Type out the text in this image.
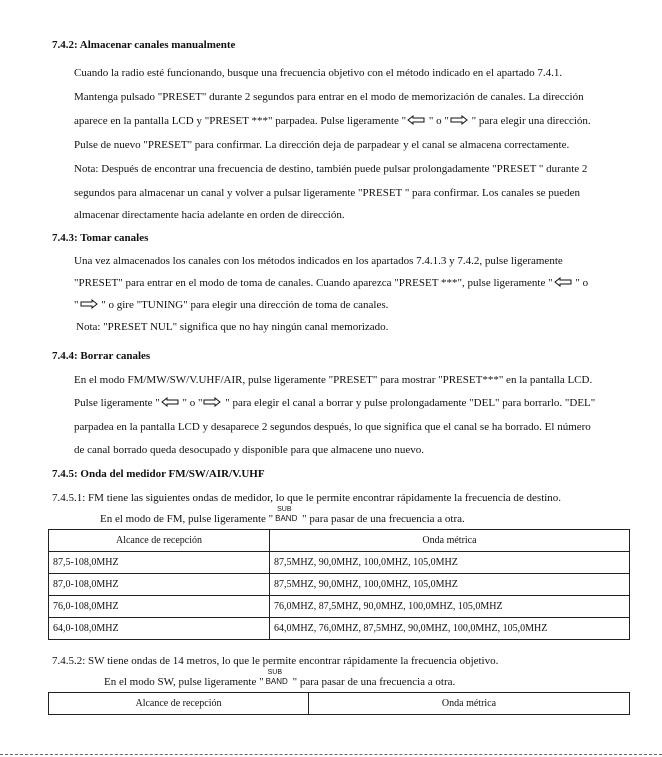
7.4.2: Almacenar canales manualmente
Cuando la radio esté funcionando, busque una frecuencia objetivo con el método indicado en el apartado 7.4.1.
Mantenga pulsado "PRESET" durante 2 segundos para entrar en el modo de memorización de canales. La dirección
aparece en la pantalla LCD y "PRESET ***" parpadea. Pulse ligeramente " " o " " para elegir una dirección.
Pulse de nuevo "PRESET" para confirmar. La dirección deja de parpadear y el canal se almacena correctamente.
Nota: Después de encontrar una frecuencia de destino, también puede pulsar prolongadamente "PRESET " durante 2
segundos para almacenar un canal y volver a pulsar ligeramente "PRESET " para confirmar. Los canales se pueden
almacenar directamente hacia adelante en orden de dirección.
7.4.3: Tomar canales
Una vez almacenados los canales con los métodos indicados en los apartados 7.4.1.3 y 7.4.2, pulse ligeramente
"PRESET" para entrar en el modo de toma de canales. Cuando aparezca "PRESET ***", pulse ligeramente " " o
" " o gire "TUNING" para elegir una dirección de toma de canales.
Nota: "PRESET NUL" significa que no hay ningún canal memorizado.
7.4.4: Borrar canales
En el modo FM/MW/SW/V.UHF/AIR, pulse ligeramente "PRESET" para mostrar "PRESET***" en la pantalla LCD.
Pulse ligeramente " " o " " para elegir el canal a borrar y pulse prolongadamente "DEL" para borrarlo. "DEL"
parpadea en la pantalla LCD y desaparece 2 segundos después, lo que significa que el canal se ha borrado. El número
de canal borrado queda desocupado y disponible para que almacene uno nuevo.
7.4.5: Onda del medidor FM/SW/AIR/V.UHF
7.4.5.1: FM tiene las siguientes ondas de medidor, lo que le permite encontrar rápidamente la frecuencia de destino.
En el modo de FM, pulse ligeramente "
SUB
BAND " para pasar de una frecuencia a otra.
Alcance de recepción	Onda métrica
87,5-108,0MHZ	87,5MHZ, 90,0MHZ, 100,0MHZ, 105,0MHZ
87,0-108,0MHZ	87,5MHZ, 90,0MHZ, 100,0MHZ, 105,0MHZ
76,0-108,0MHZ	76,0MHZ, 87,5MHZ, 90,0MHZ, 100,0MHZ, 105,0MHZ
64,0-108,0MHZ	64,0MHZ, 76,0MHZ, 87,5MHZ, 90,0MHZ, 100,0MHZ, 105,0MHZ
7.4.5.2: SW tiene ondas de 14 metros, lo que le permite encontrar rápidamente la frecuencia objetivo.
En el modo SW, pulse ligeramente "
SUB
BAND " para pasar de una frecuencia a otra.
Alcance de recepción	Onda métrica
